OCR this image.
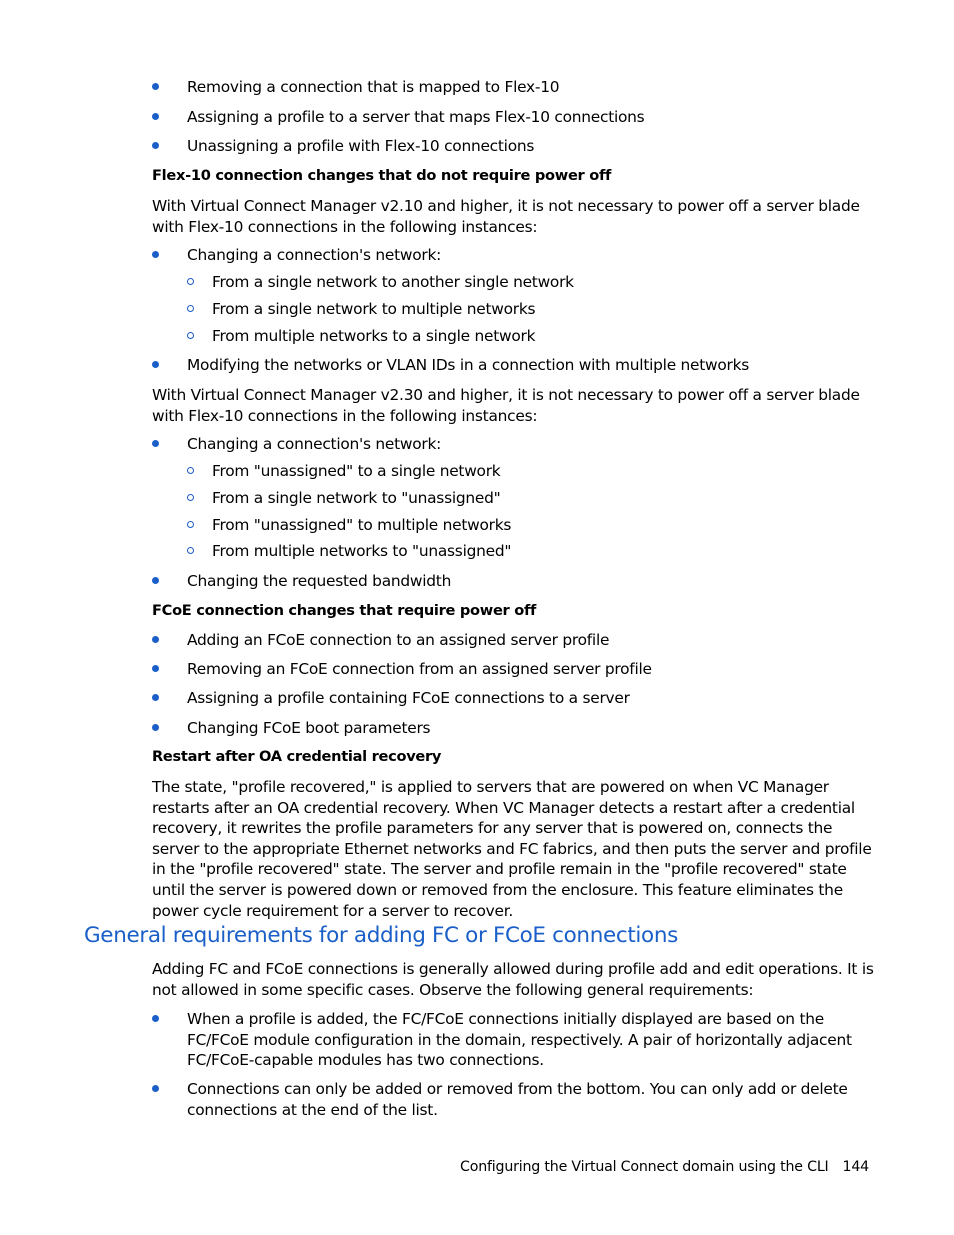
Removing a connection that is mapped to Flex-10
Assigning a profile to a server that maps Flex-10 connections
Unassigning a profile with Flex-10 connections
Flex-10 connection changes that do not require power off

With Virtual Connect Manager v2.10 and higher, it is not necessary to power off a server blade with Flex-10 connections in the following instances:

Changing a connection's network:
From a single network to another single network
From a single network to multiple networks
From multiple networks to a single network
Modifying the networks or VLAN IDs in a connection with multiple networks

With Virtual Connect Manager v2.30 and higher, it is not necessary to power off a server blade with Flex-10 connections in the following instances:

Changing a connection's network:
From "unassigned" to a single network
From a single network to "unassigned"
From "unassigned" to multiple networks
From multiple networks to "unassigned"
Changing the requested bandwidth
FCoE connection changes that require power off
Adding an FCoE connection to an assigned server profile
Removing an FCoE connection from an assigned server profile
Assigning a profile containing FCoE connections to a server
Changing FCoE boot parameters
Restart after OA credential recovery

The state, "profile recovered," is applied to servers that are powered on when VC Manager restarts after an OA credential recovery. When VC Manager detects a restart after a credential recovery, it rewrites the profile parameters for any server that is powered on, connects the server to the appropriate Ethernet networks and FC fabrics, and then puts the server and profile in the "profile recovered" state. The server and profile remain in the "profile recovered" state until the server is powered down or removed from the enclosure. This feature eliminates the power cycle requirement for a server to recover.

General requirements for adding FC or FCoE connections

Adding FC and FCoE connections is generally allowed during profile add and edit operations. It is not allowed in some specific cases. Observe the following general requirements:

When a profile is added, the FC/FCoE connections initially displayed are based on the FC/FCoE module configuration in the domain, respectively. A pair of horizontally adjacent FC/FCoE-capable modules has two connections.
Connections can only be added or removed from the bottom. You can only add or delete connections at the end of the list.
Configuring the Virtual Connect domain using the CLI 144
